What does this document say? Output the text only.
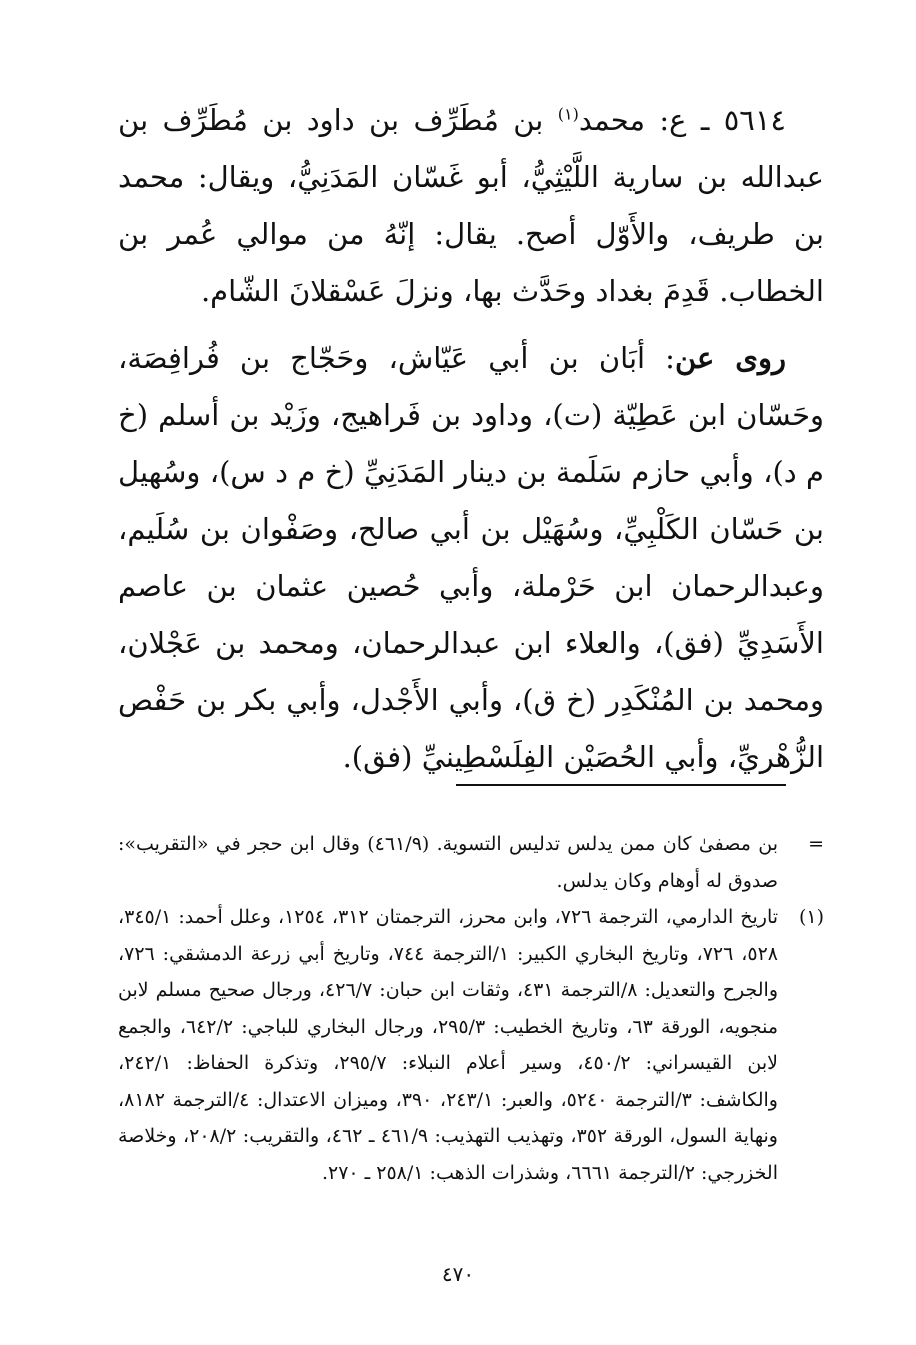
٥٦١٤ ـ ع: محمد$^{(١)}$ بن مُطَرِّف بن داود بن مُطَرِّف بن عبدالله بن سارية اللَّيْثِيُّ، أبو غَسّان المَدَنِيُّ، ويقال: محمد بن طريف، والأَوّل أصح. يقال: إنّهُ من موالي عُمر بن الخطاب. قَدِمَ بغداد وحَدَّث بها، ونزلَ عَسْقلانَ الشّام.

روى عن: أبَان بن أبي عَيّاش، وحَجّاج بن فُرافِصَة، وحَسّان ابن عَطِيّة (ت)، وداود بن فَراهيج، وزَيْد بن أسلم (خ م د)، وأبي حازم سَلَمة بن دينار المَدَنِيِّ (خ م د س)، وسُهيل بن حَسّان الكَلْبِيِّ، وسُهَيْل بن أبي صالح، وصَفْوان بن سُلَيم، وعبدالرحمان ابن حَرْملة، وأبي حُصين عثمان بن عاصم الأَسَدِيِّ (فق)، والعلاء ابن عبدالرحمان، ومحمد بن عَجْلان، ومحمد بن المُنْكَدِر (خ ق)، وأبي الأَجْدل، وأبي بكر بن حَفْص الزُّهْريِّ، وأبي الحُصَيْن الفِلَسْطِينيِّ (فق).

=
بن مصفىٰ كان ممن يدلس تدليس التسوية. (٤٦١/٩) وقال ابن حجر في «التقريب»: صدوق له أوهام وكان يدلس.

(١)
تاريخ الدارمي، الترجمة ٧٢٦، وابن محرز، الترجمتان ٣١٢، ١٢٥٤، وعلل أحمد: ٣٤٥/١، ٥٢٨، ٧٢٦، وتاريخ البخاري الكبير: ١/الترجمة ٧٤٤، وتاريخ أبي زرعة الدمشقي: ٧٢٦، والجرح والتعديل: ٨/الترجمة ٤٣١، وثقات ابن حبان: ٤٢٦/٧، ورجال صحيح مسلم لابن منجويه، الورقة ٦٣، وتاريخ الخطيب: ٢٩٥/٣، ورجال البخاري للباجي: ٦٤٢/٢، والجمع لابن القيسراني: ٤٥٠/٢، وسير أعلام النبلاء: ٢٩٥/٧، وتذكرة الحفاظ: ٢٤٢/١، والكاشف: ٣/الترجمة ٥٢٤٠، والعبر: ٢٤٣/١، ٣٩٠، وميزان الاعتدال: ٤/الترجمة ٨١٨٢، ونهاية السول، الورقة ٣٥٢، وتهذيب التهذيب: ٤٦١/٩ ـ ٤٦٢، والتقريب: ٢٠٨/٢، وخلاصة الخزرجي: ٢/الترجمة ٦٦٦١، وشذرات الذهب: ٢٥٨/١ ـ ٢٧٠.

٤٧٠
